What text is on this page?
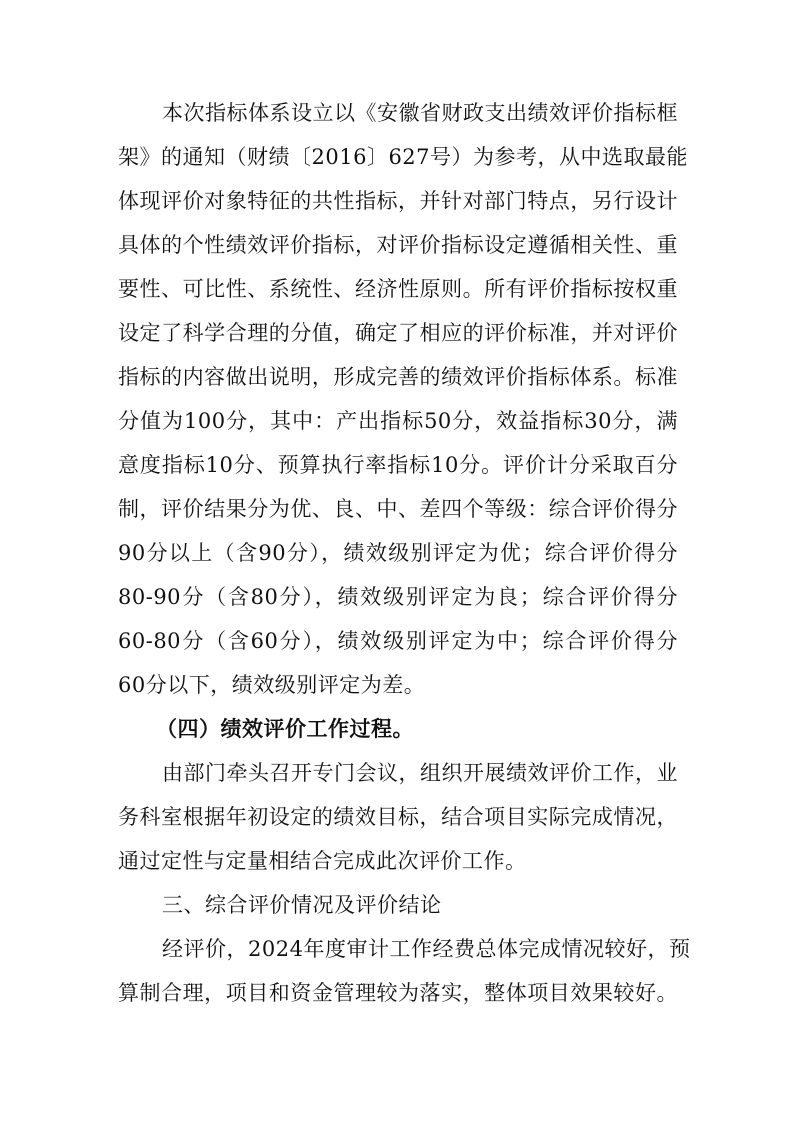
本次指标体系设立以《安徽省财政支出绩效评价指标框
架》的通知（财绩〔2016〕627号）为参考，从中选取最能
体现评价对象特征的共性指标，并针对部门特点，另行设计
具体的个性绩效评价指标，对评价指标设定遵循相关性、重
要性、可比性、系统性、经济性原则。所有评价指标按权重
设定了科学合理的分值，确定了相应的评价标准，并对评价
指标的内容做出说明，形成完善的绩效评价指标体系。标准
分值为100分，其中：产出指标50分，效益指标30分，满
意度指标10分、预算执行率指标10分。评价计分采取百分
制，评价结果分为优、良、中、差四个等级：综合评价得分
90分以上（含90分），绩效级别评定为优；综合评价得分
80-90分（含80分），绩效级别评定为良；综合评价得分
60-80分（含60分），绩效级别评定为中；综合评价得分
60分以下，绩效级别评定为差。
（四）绩效评价工作过程。
由部门牵头召开专门会议，组织开展绩效评价工作，业
务科室根据年初设定的绩效目标，结合项目实际完成情况，
通过定性与定量相结合完成此次评价工作。
三、综合评价情况及评价结论
经评价，2024年度审计工作经费总体完成情况较好，预
算制合理，项目和资金管理较为落实，整体项目效果较好。
